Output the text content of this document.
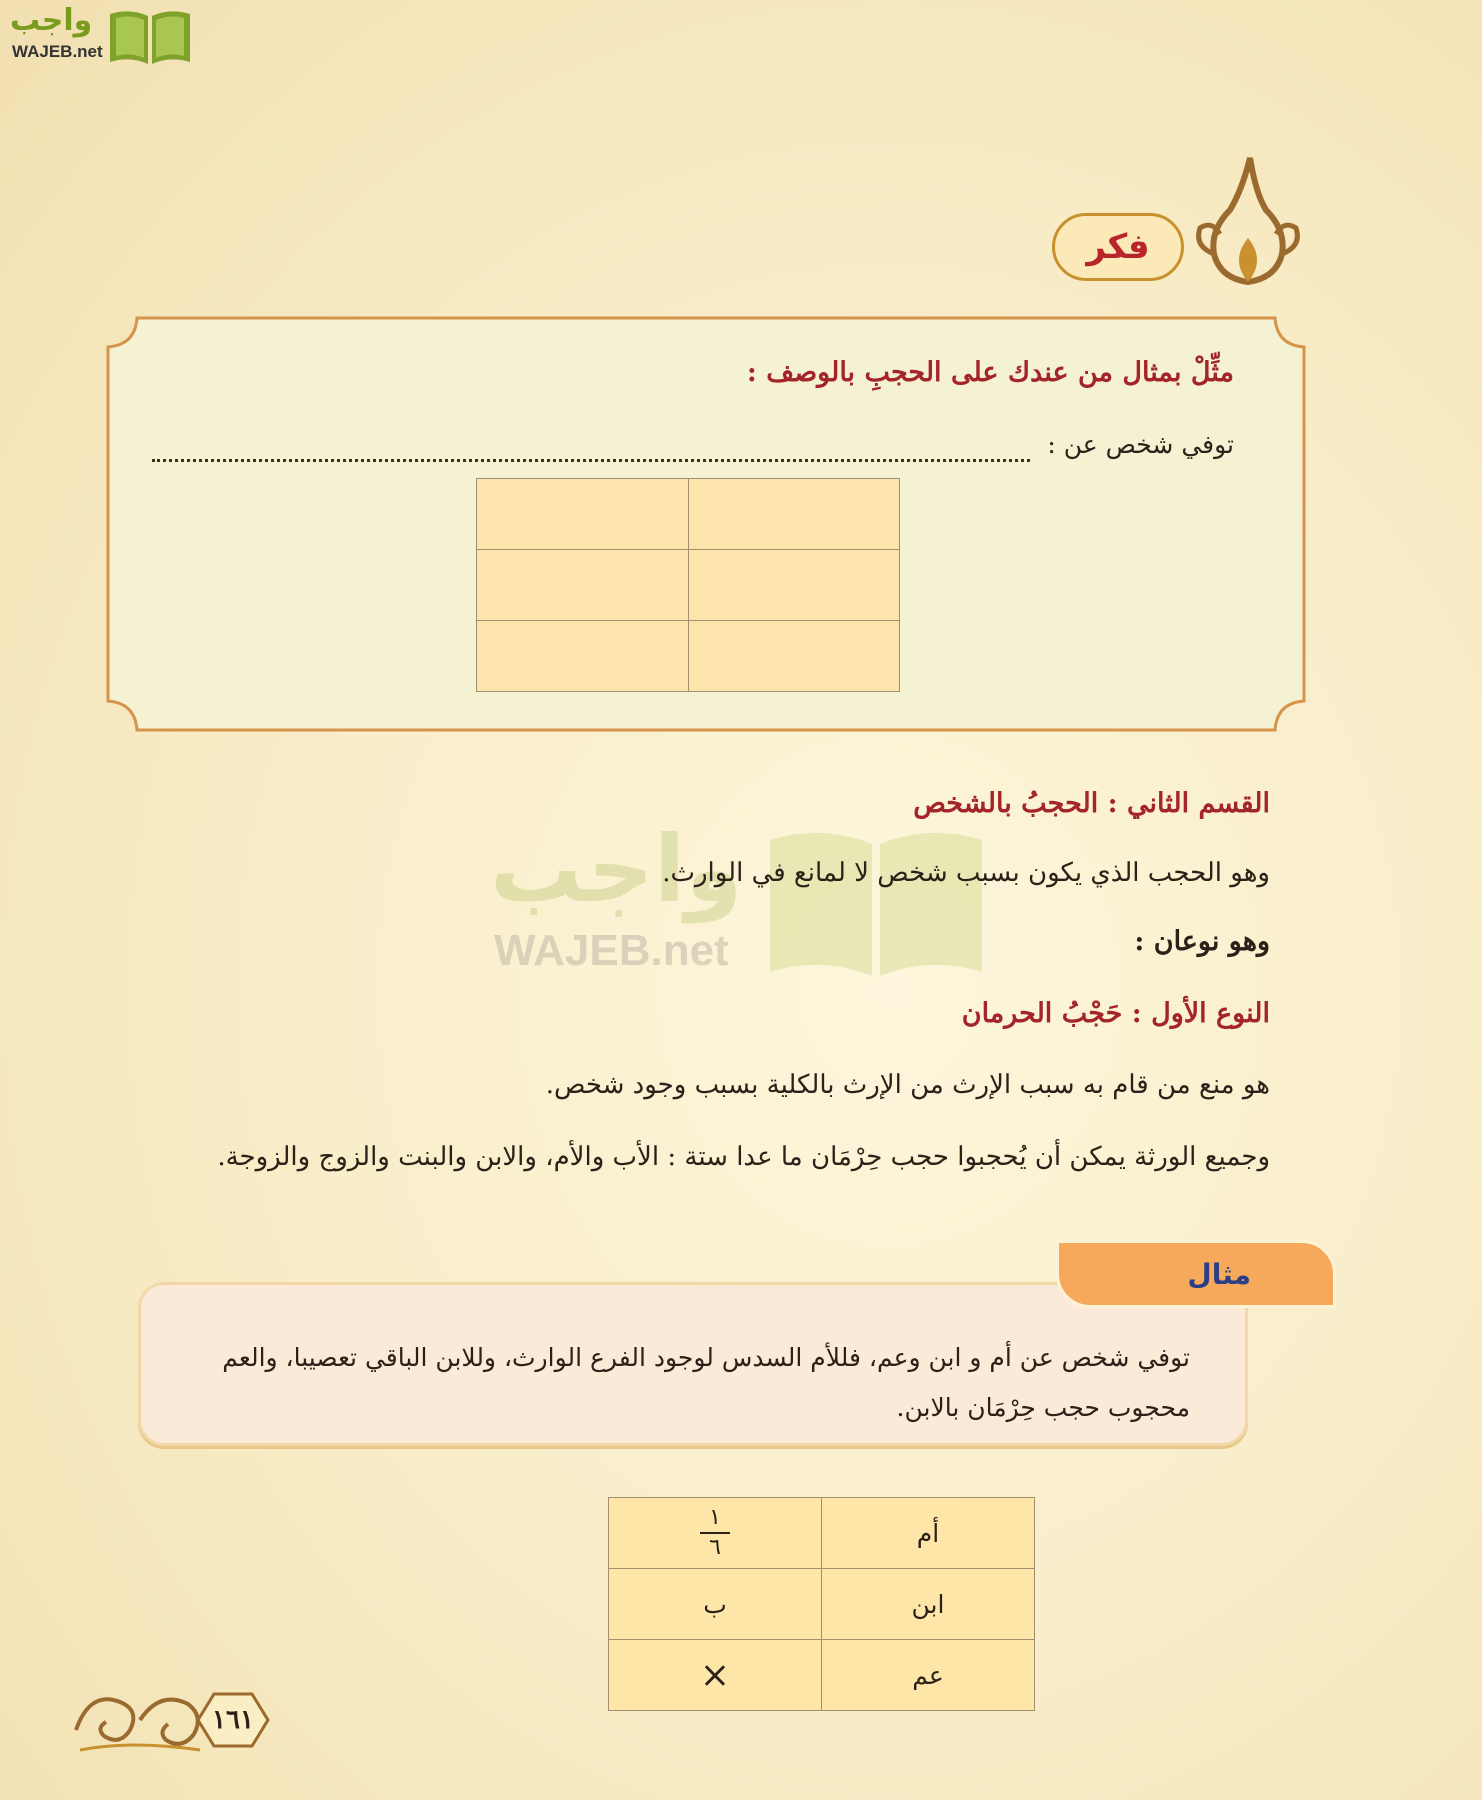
واجب
WAJEB.net
فكر
مثِّلْ بمثال من عندك على الحجبِ بالوصف :
توفي شخص عن :

واجب
WAJEB.net
القسم الثاني : الحجبُ بالشخص
وهو الحجب الذي يكون بسبب شخص لا لمانع في الوارث.
وهو نوعان :
النوع الأول : حَجْبُ الحرمان
هو منع من قام به سبب الإرث من الإرث بالكلية بسبب وجود شخص.
وجميع الورثة يمكن أن يُحجبوا حجب حِرْمَان ما عدا ستة : الأب والأم، والابن والبنت والزوج والزوجة.
مثال
توفي شخص عن أم و ابن وعم، فللأم السدس لوجود الفرع الوارث، وللابن الباقي تعصيبا، والعم
محجوب حجب حِرْمَان بالابن.
$\frac{١}{٦}$	أم
ب	ابن
×	عم
١٦١
